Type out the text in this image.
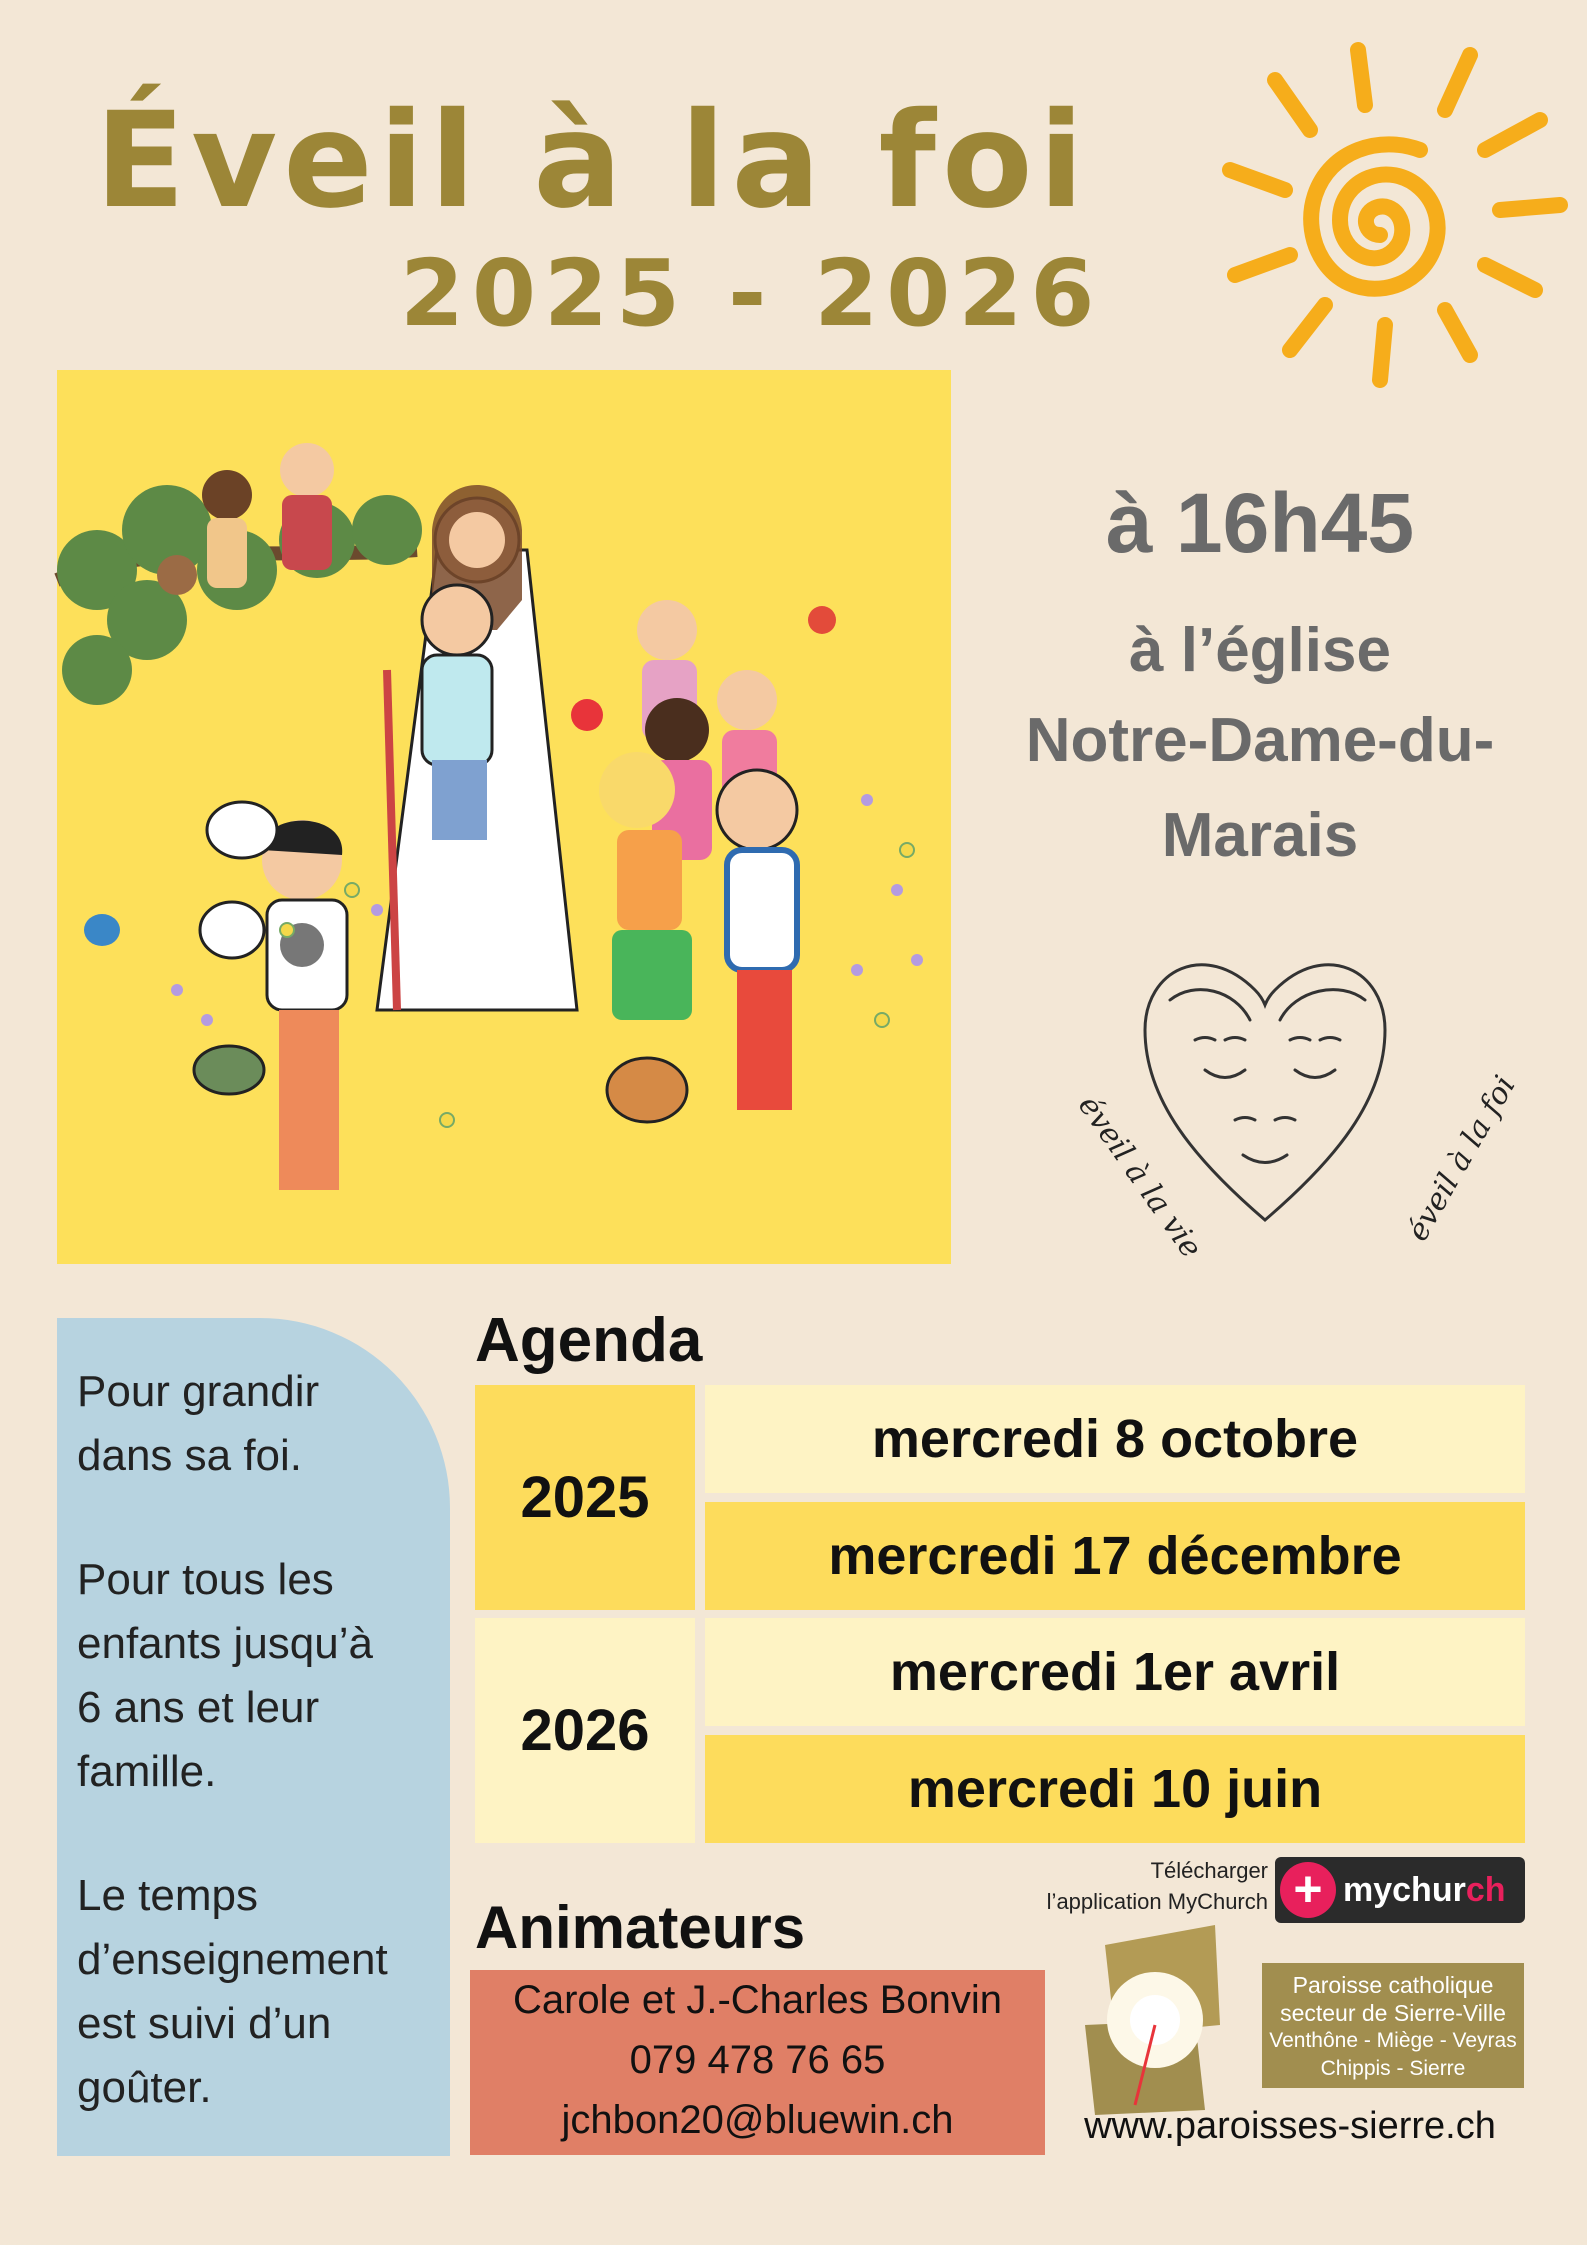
Éveil à la foi
2025 - 2026
à 16h45
à l’église
Notre-Dame-du-
Marais
éveil à la vie	éveil à la foi

Pour grandir
dans sa foi.

Pour tous les
enfants jusqu’à
6 ans et leur
famille.

Le temps
d’enseignement
est suivi d’un
goûter.

Agenda
2025
mercredi 8 octobre
mercredi 17 décembre
2026
mercredi 1er avril
mercredi 10 juin
Télécharger
l’application MyChurch + mychurch
Animateurs
Carole et J.-Charles Bonvin
079 478 76 65
jchbon20@bluewin.ch
Paroisse catholique
secteur de Sierre-Ville
Venthône - Miège - Veyras
Chippis - Sierre
www.paroisses-sierre.ch
